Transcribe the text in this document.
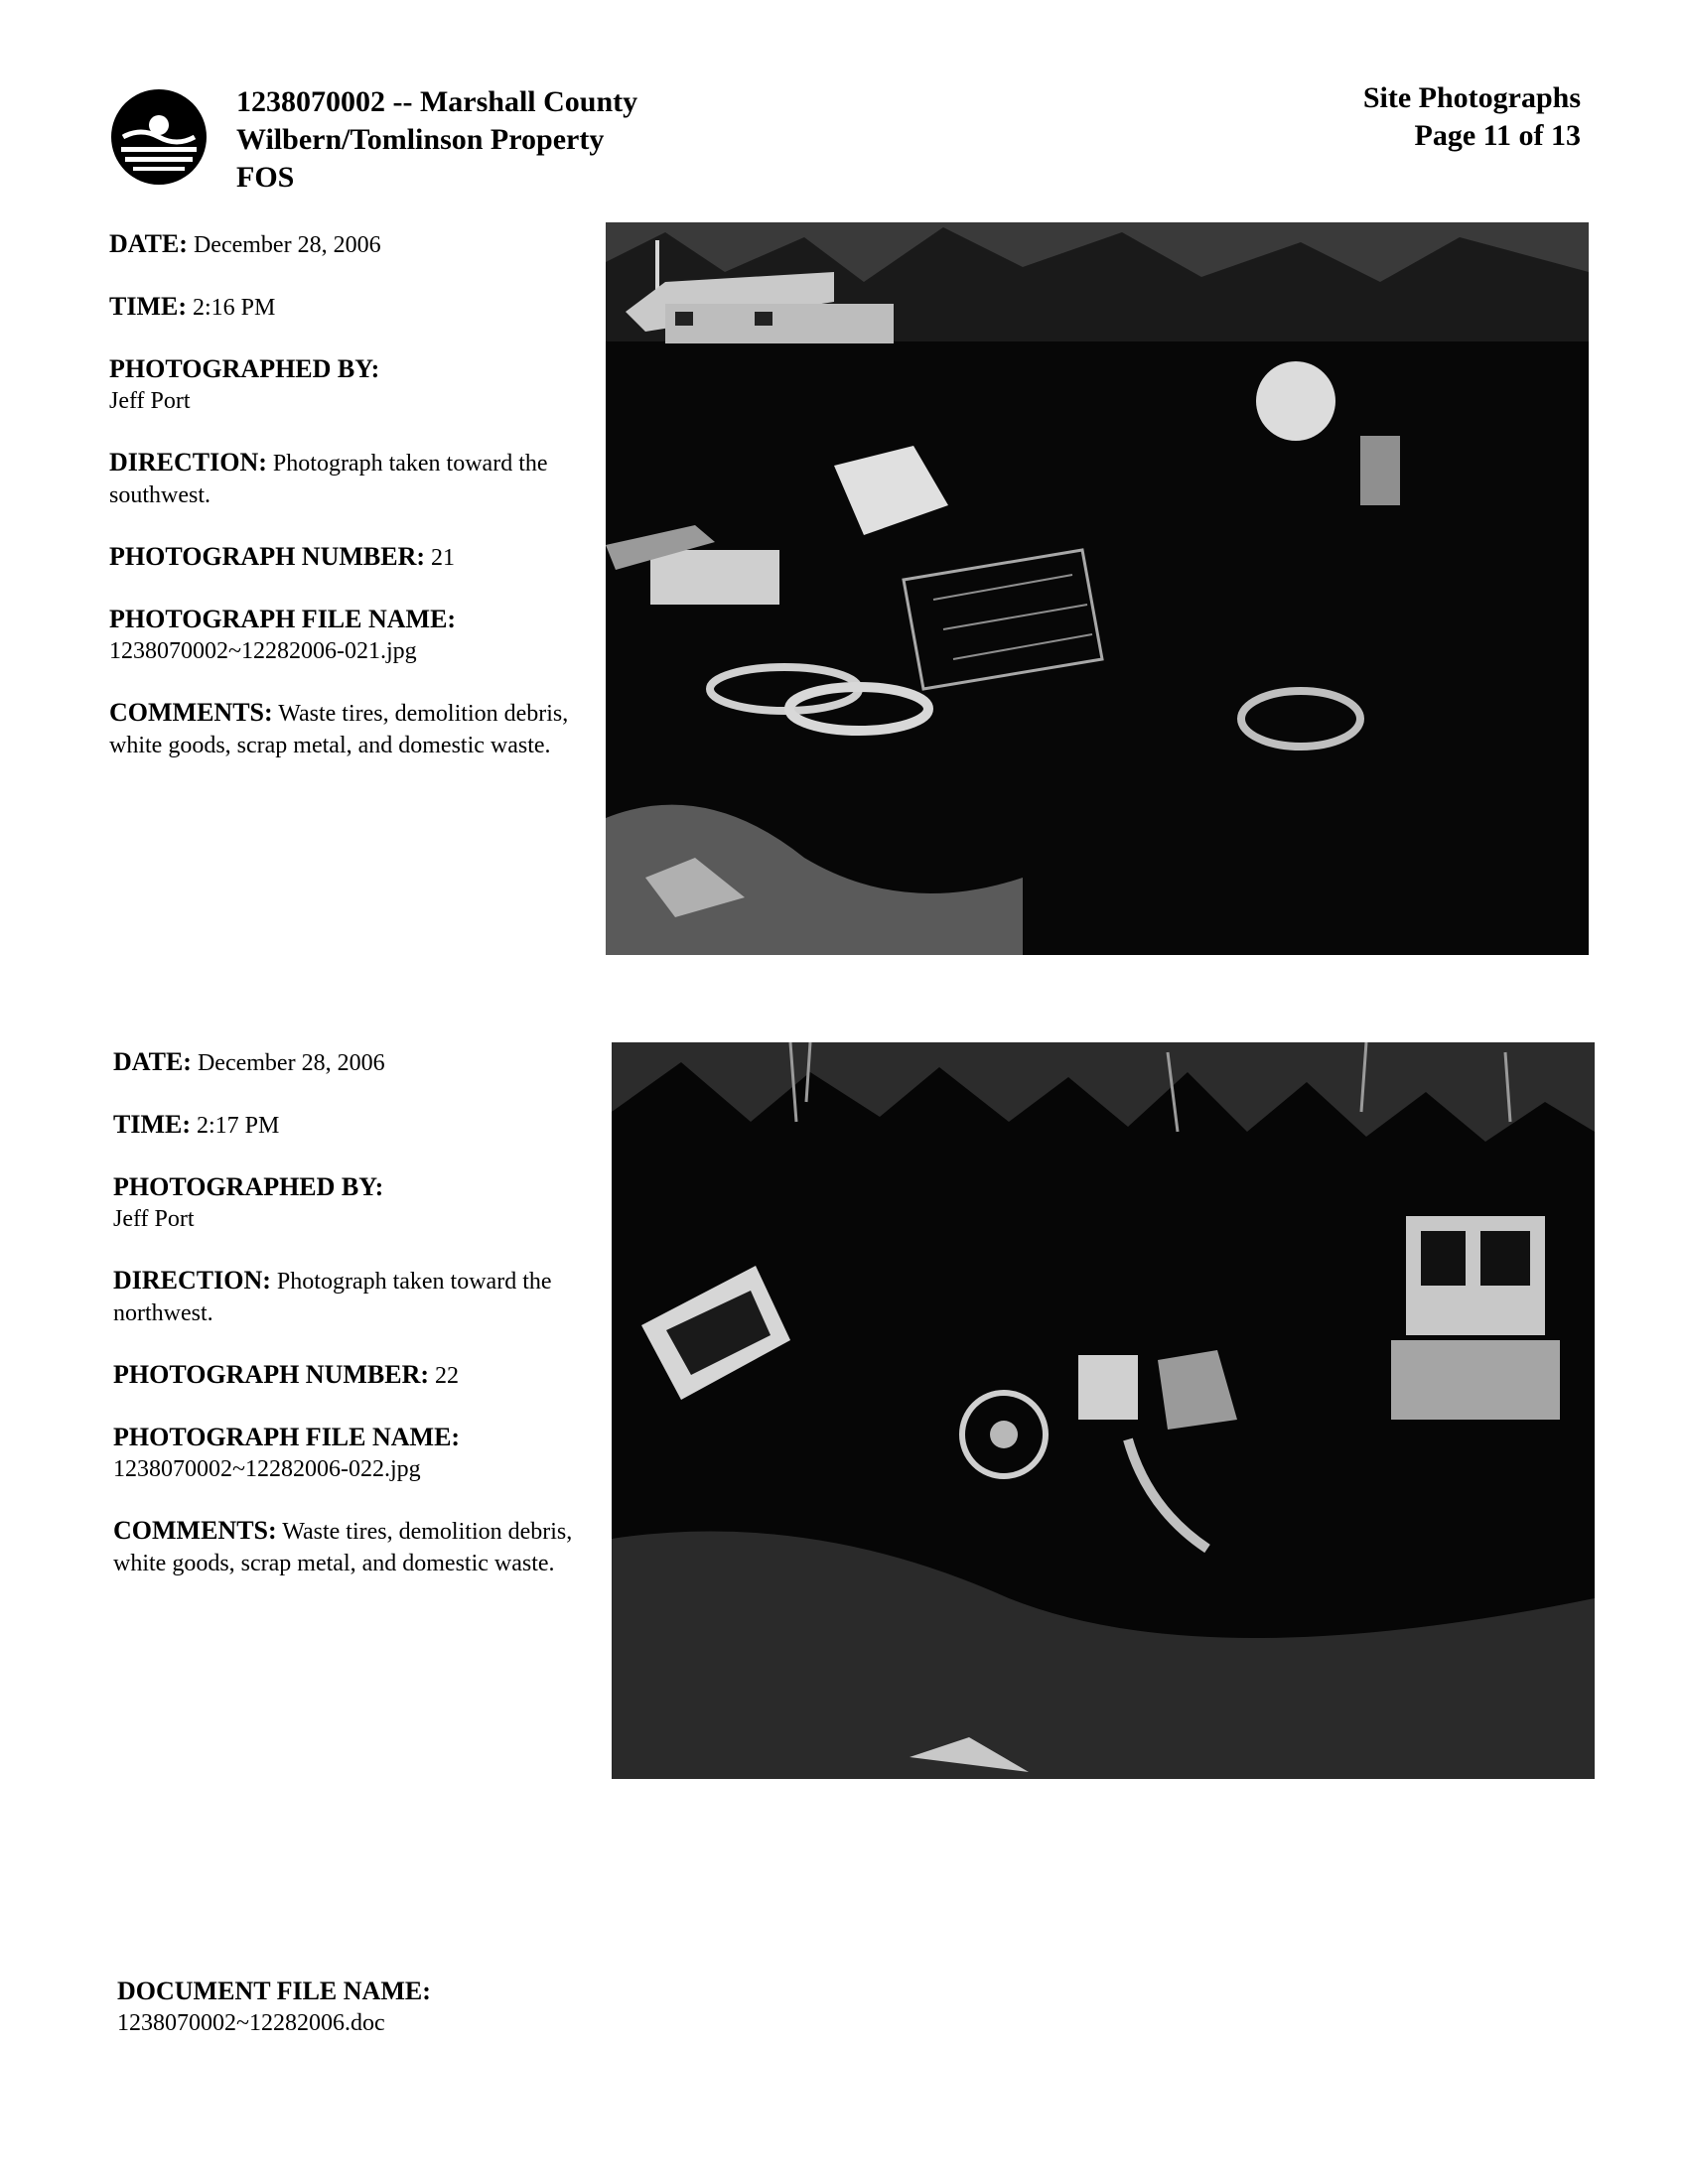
1238070002 -- Marshall County
Wilbern/Tomlinson Property
FOS
Site Photographs
Page 11 of 13
DATE: December 28, 2006
TIME: 2:16 PM
PHOTOGRAPHED BY:
Jeff Port
DIRECTION: Photograph taken toward the southwest.
PHOTOGRAPH NUMBER: 21
PHOTOGRAPH FILE NAME:
1238070002~12282006-021.jpg
COMMENTS: Waste tires, demolition debris, white goods, scrap metal, and domestic waste.
DATE: December 28, 2006
TIME: 2:17 PM
PHOTOGRAPHED BY:
Jeff Port
DIRECTION: Photograph taken toward the northwest.
PHOTOGRAPH NUMBER: 22
PHOTOGRAPH FILE NAME:
1238070002~12282006-022.jpg
COMMENTS: Waste tires, demolition debris, white goods, scrap metal, and domestic waste.
DOCUMENT FILE NAME:
1238070002~12282006.doc
